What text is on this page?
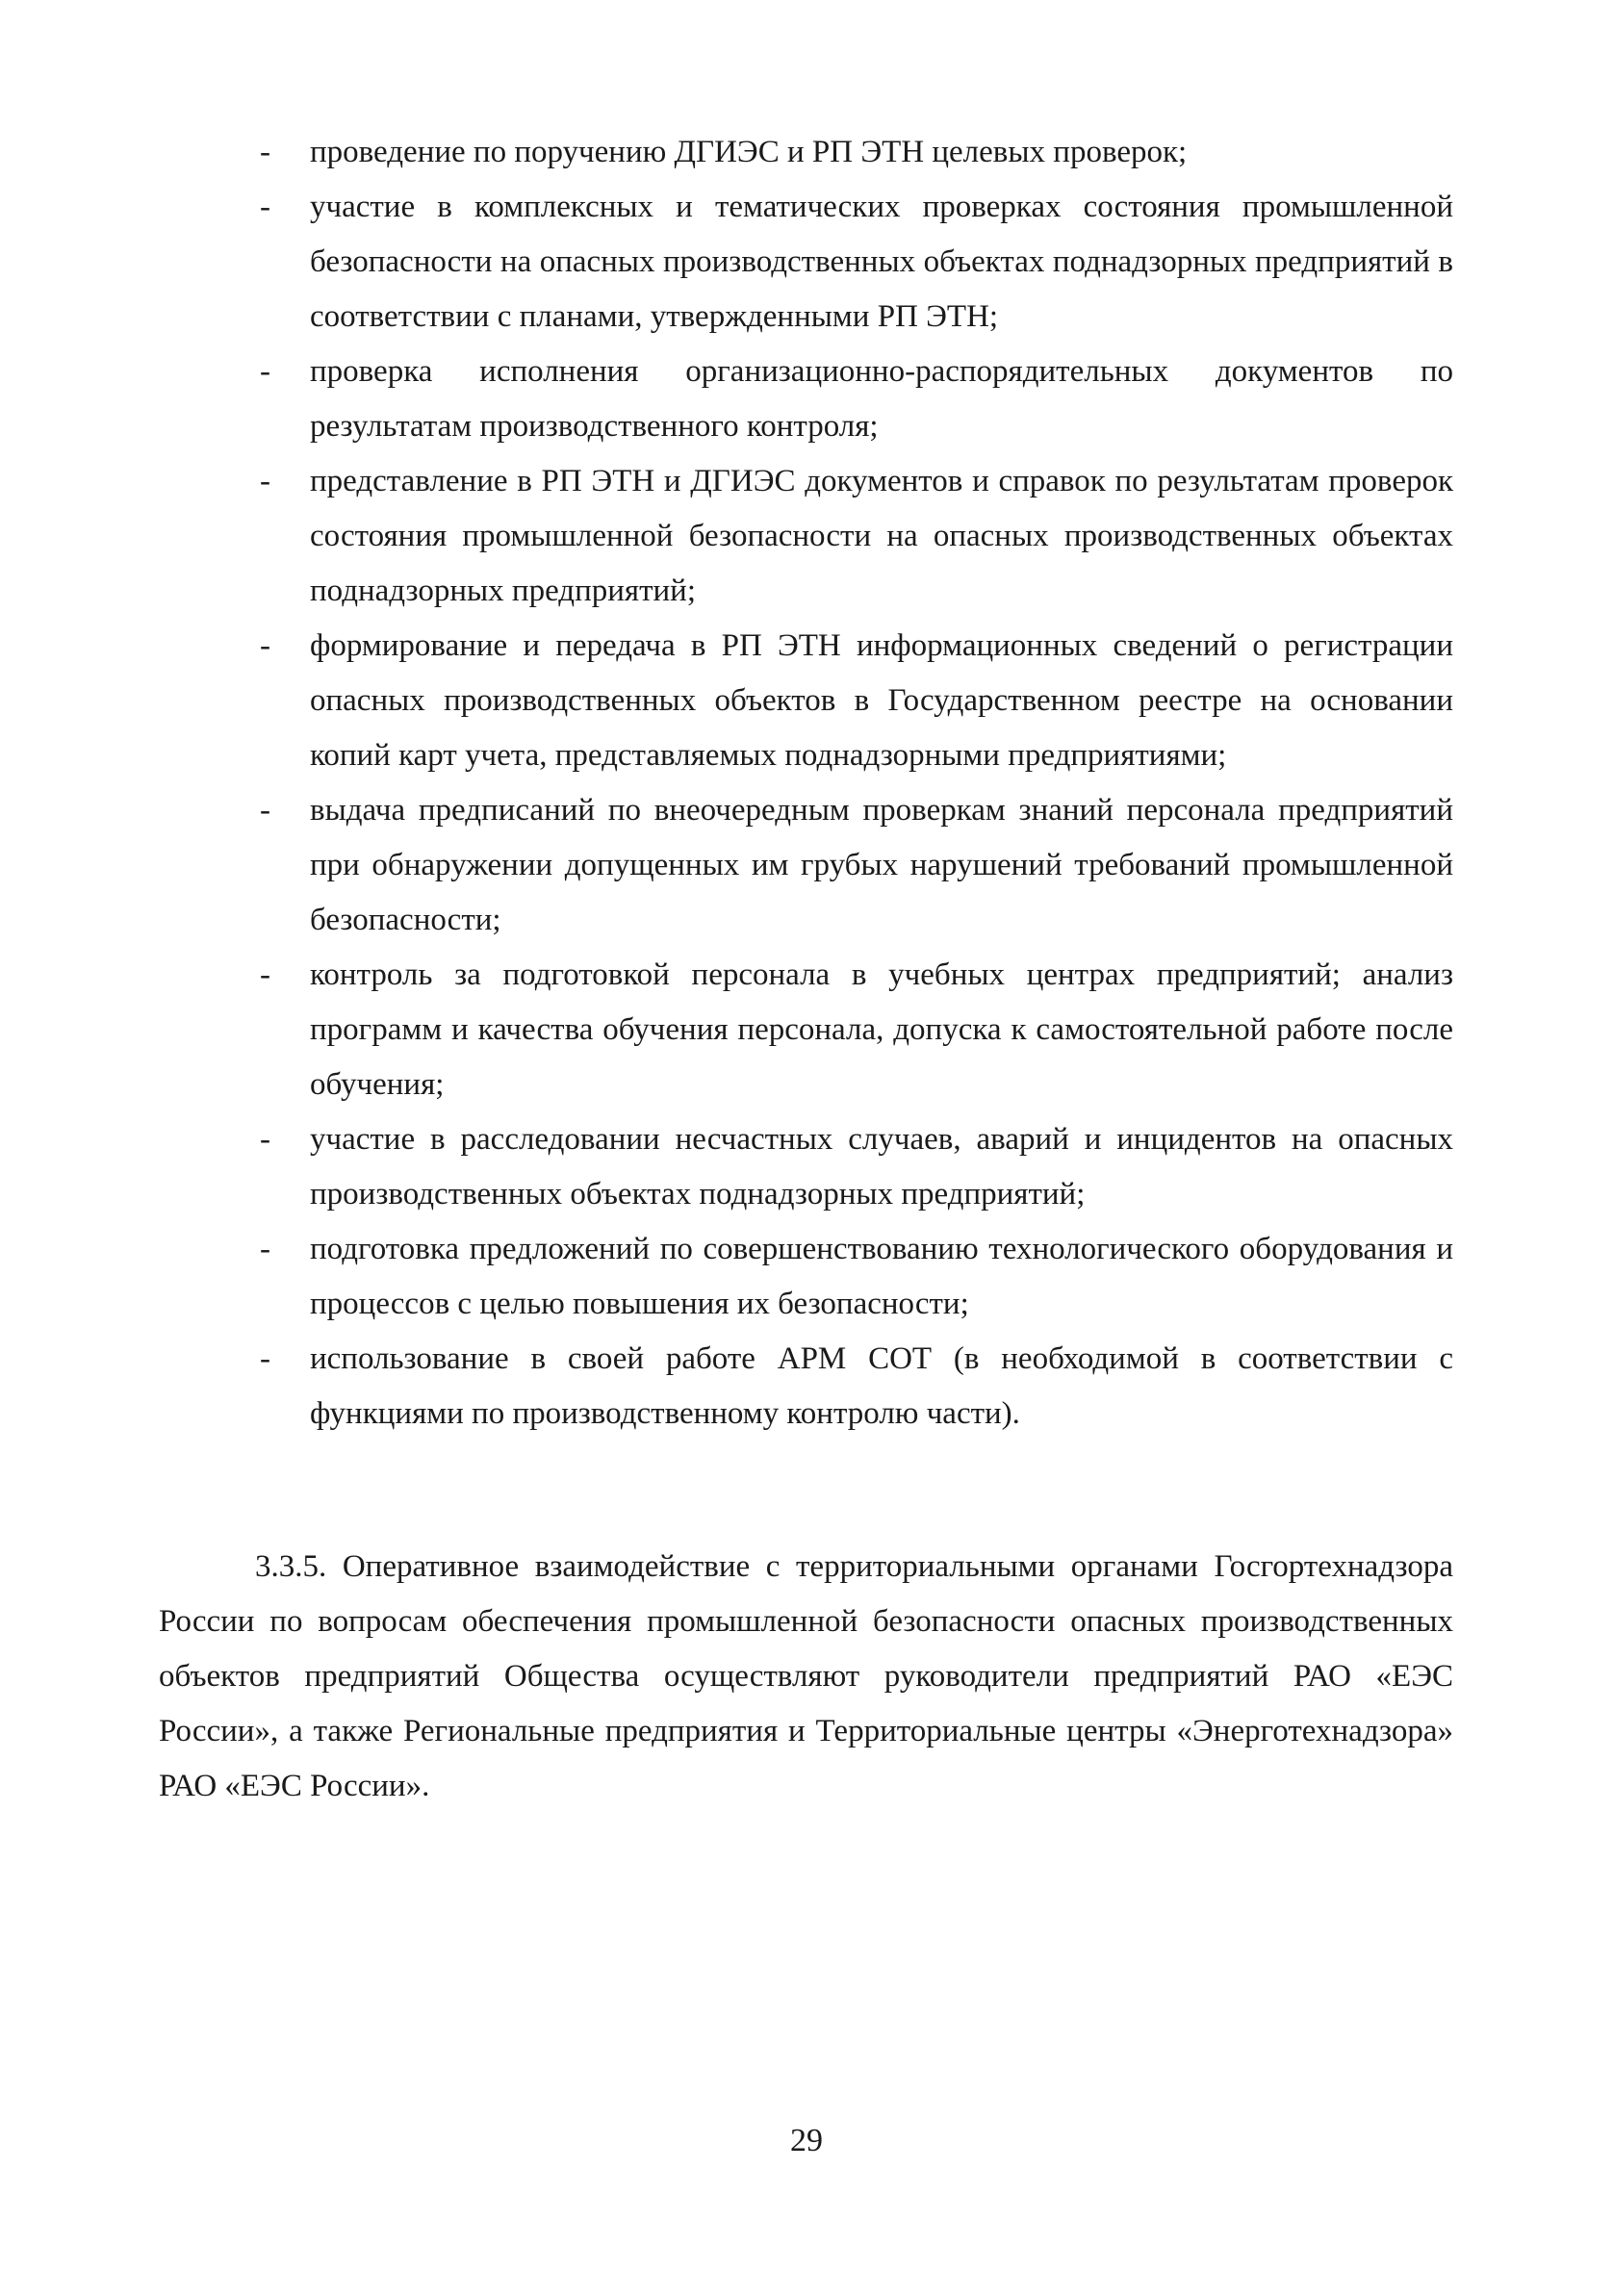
- проведение по поручению ДГИЭС и РП ЭТН целевых проверок;
- участие в комплексных и тематических проверках состояния промышленной безопасности на опасных производственных объектах поднадзорных предприятий в соответствии с планами, утвержденными РП ЭТН;
- проверка исполнения организационно-распорядительных документов по результатам производственного контроля;
- представление в РП ЭТН и ДГИЭС документов и справок по результатам проверок состояния промышленной безопасности на опасных производственных объектах поднадзорных предприятий;
- формирование и передача в РП ЭТН информационных сведений о регистрации опасных производственных объектов в Государственном реестре на основании копий карт учета, представляемых поднадзорными предприятиями;
- выдача предписаний по внеочередным проверкам знаний персонала предприятий при обнаружении допущенных им грубых нарушений требований промышленной безопасности;
- контроль за подготовкой персонала в учебных центрах предприятий; анализ программ и качества обучения персонала, допуска к самостоятельной работе после обучения;
- участие в расследовании несчастных случаев, аварий и инцидентов на опасных производственных объектах поднадзорных предприятий;
- подготовка предложений по совершенствованию технологического оборудования и процессов с целью повышения их безопасности;
- использование в своей работе АРМ СОТ (в необходимой в соответствии с функциями по производственному контролю части).

3.3.5. Оперативное взаимодействие с территориальными органами Госгортехнадзора России по вопросам обеспечения промышленной безопасности опасных производственных объектов предприятий Общества осуществляют руководители предприятий РАО «ЕЭС России», а также Региональные предприятия и Территориальные центры «Энерготехнадзора» РАО «ЕЭС России».

29
